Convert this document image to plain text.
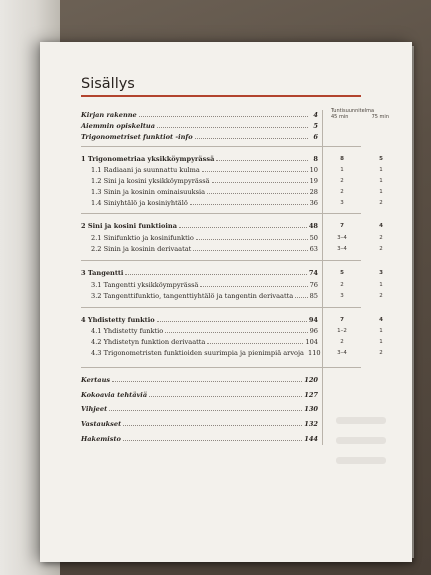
Sisällys
Tuntisuunnitelma
45 min	75 min
Kirjan rakenne	4
Aiemmin opiskeltua	5
Trigonometriset funktiot -info	6
1 Trigonometriaa yksikköympyrässä	8	8	5
1.1 Radiaani ja suunnattu kulma	10	1	1
1.2 Sini ja kosini yksikköympyrässä	19	2	1
1.3 Sinin ja kosinin ominaisuuksia	28	2	1
1.4 Siniyhtälö ja kosiniyhtälö	36	3	2
2 Sini ja kosini funktioina	48	7	4
2.1 Sinifunktio ja kosinifunktio	50	3–4	2
2.2 Sinin ja kosinin derivaatat	63	3–4	2
3 Tangentti	74	5	3
3.1 Tangentti yksikköympyrässä	76	2	1
3.2 Tangenttifunktio, tangenttiyhtälö ja tangentin derivaatta 85	3	2
4 Yhdistetty funktio	94	7	4
4.1 Yhdistetty funktio	96	1–2	1
4.2 Yhdistetyn funktion derivaatta	104	2	1
4.3 Trigonometristen funktioiden suurimpia ja pienimpiä arvoja 110	3–4	2
Kertaus	120
Kokoavia tehtäviä	127
Vihjeet	130
Vastaukset	132
Hakemisto	144
